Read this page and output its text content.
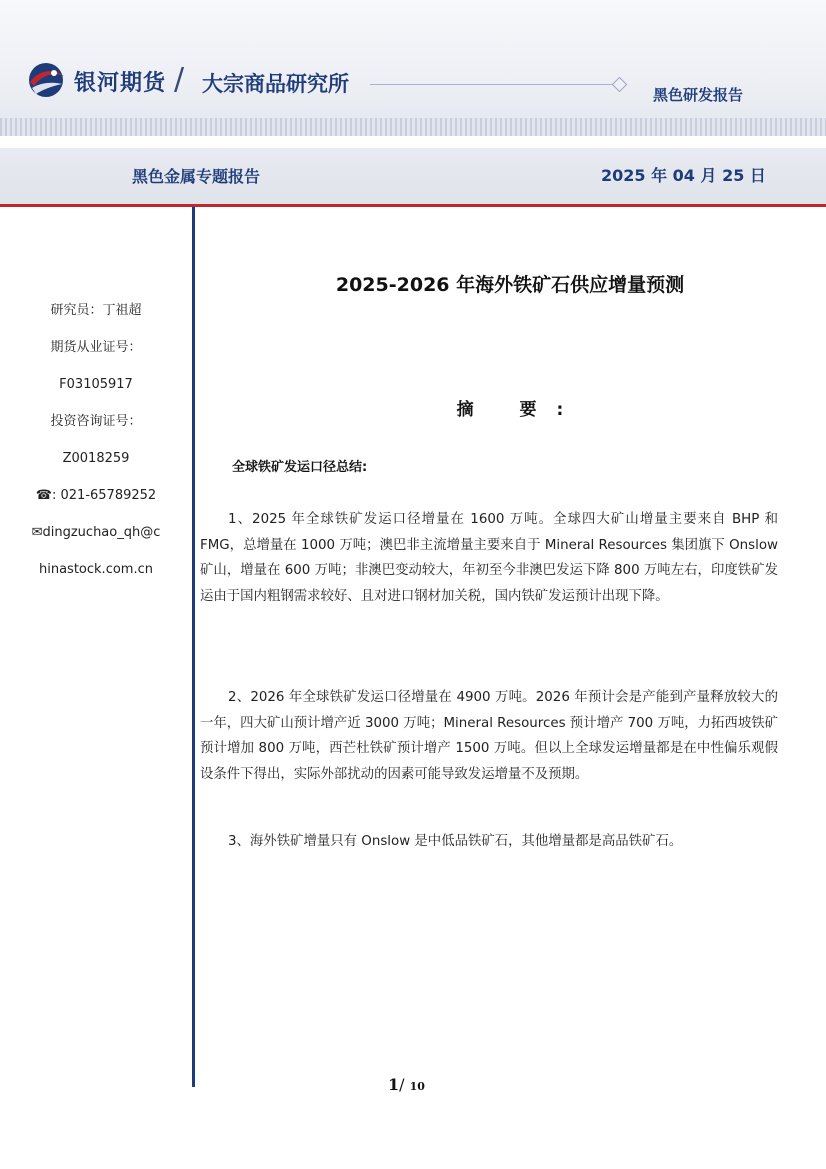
银河期货 / 大宗商品研究所	黑色研发报告
黑色金属专题报告	2025 年 04 月 25 日
研究员：丁祖超
期货从业证号：
F03105917
投资咨询证号：
Z0018259
☎: 021-65789252
✉dingzuchao_qh@c
hinastock.com.cn
2025-2026 年海外铁矿石供应增量预测
摘 要:
全球铁矿发运口径总结:

1、2025 年全球铁矿发运口径增量在 1600 万吨。全球四大矿山增量主要来自 BHP 和 FMG，总增量在 1000 万吨；澳巴非主流增量主要来自于 Mineral Resources 集团旗下 Onslow 矿山，增量在 600 万吨；非澳巴变动较大，年初至今非澳巴发运下降 800 万吨左右，印度铁矿发运由于国内粗钢需求较好、且对进口钢材加关税，国内铁矿发运预计出现下降。

2、2026 年全球铁矿发运口径增量在 4900 万吨。2026 年预计会是产能到产量释放较大的一年，四大矿山预计增产近 3000 万吨；Mineral Resources 预计增产 700 万吨，力拓西坡铁矿预计增加 800 万吨，西芒杜铁矿预计增产 1500 万吨。但以上全球发运增量都是在中性偏乐观假设条件下得出，实际外部扰动的因素可能导致发运增量不及预期。

3、海外铁矿增量只有 Onslow 是中低品铁矿石，其他增量都是高品铁矿石。

1/ 10
